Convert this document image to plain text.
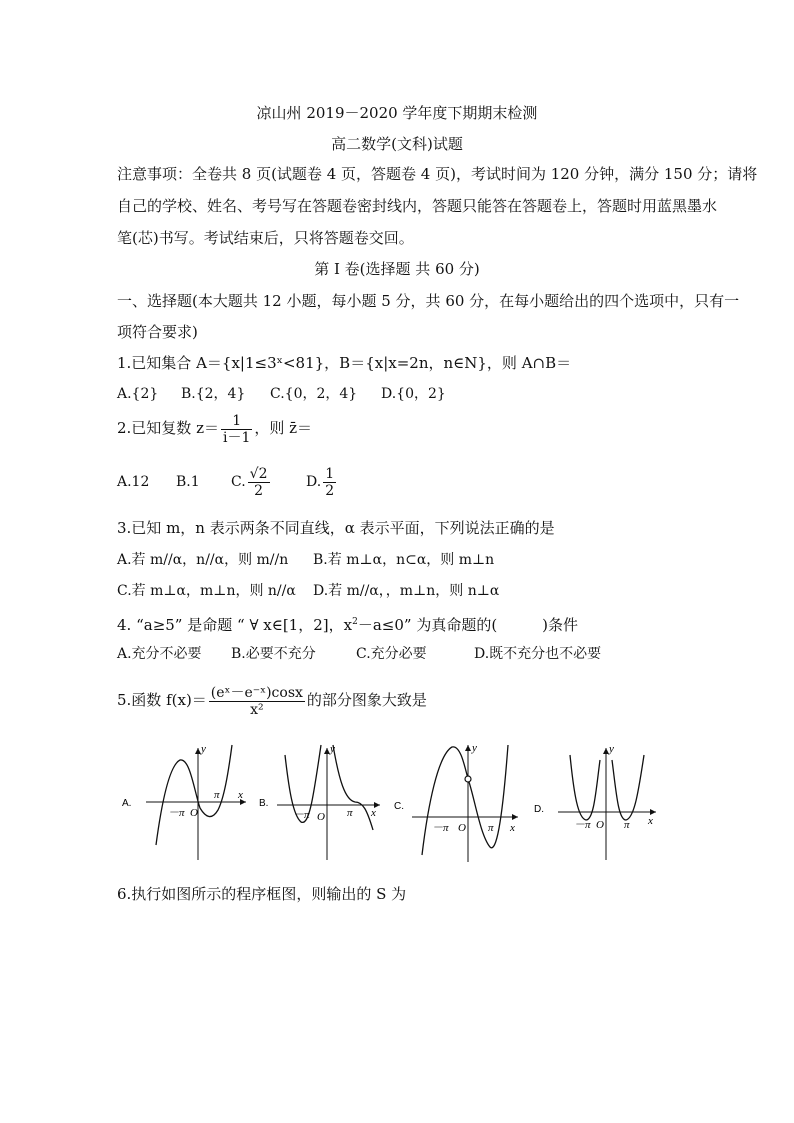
凉山州 2019－2020 学年度下期期末检测
高二数学(文科)试题
注意事项：全卷共 8 页(试题卷 4 页，答题卷 4 页)，考试时间为 120 分钟，满分 150 分；请将
自己的学校、姓名、考号写在答题卷密封线内，答题只能答在答题卷上，答题时用蓝黑墨水
笔(芯)书写。考试结束后，只将答题卷交回。
第 I 卷(选择题 共 60 分)
一、选择题(本大题共 12 小题，每小题 5 分，共 60 分，在每小题给出的四个选项中，只有一
项符合要求)
1.已知集合 A＝{x|1≤3ˣ<81}，B＝{x|x=2n，n∈N}，则 A∩B＝
A.{2} B.{2，4} C.{0，2，4} D.{0，2}
2.已知复数 $z= \frac{1}{i-1}$ ，则 z̄＝
A.12 B.1 C. $\frac{√2}{2}$	D. $\frac{1}{2}$
3.已知 m，n 表示两条不同直线，α 表示平面，下列说法正确的是
A.若 m//α，n//α，则 m//n B.若 m⊥α，n⊂α，则 m⊥n
C.若 m⊥α，m⊥n，则 n//α D.若 m//α，，m⊥n，则 n⊥α
4. “a≥5” 是命题 “ ∀ x∈[1，2]，$x^2-a\le 0$” 为真命题的(　　　)条件
A.充分不必要 B.必要不充分	C.充分必要	D.既不充分也不必要
5.函数 $f(x)= \frac{\text{(eˣ－e⁻ˣ)cosx}}{\text{x²}}$ 的部分图象大致是
A.
y
x
－π O
π
B.
y
x
－π O π
C.
y
x
－π O π
D.
y
x
－π O π
6.执行如图所示的程序框图，则输出的 S 为
